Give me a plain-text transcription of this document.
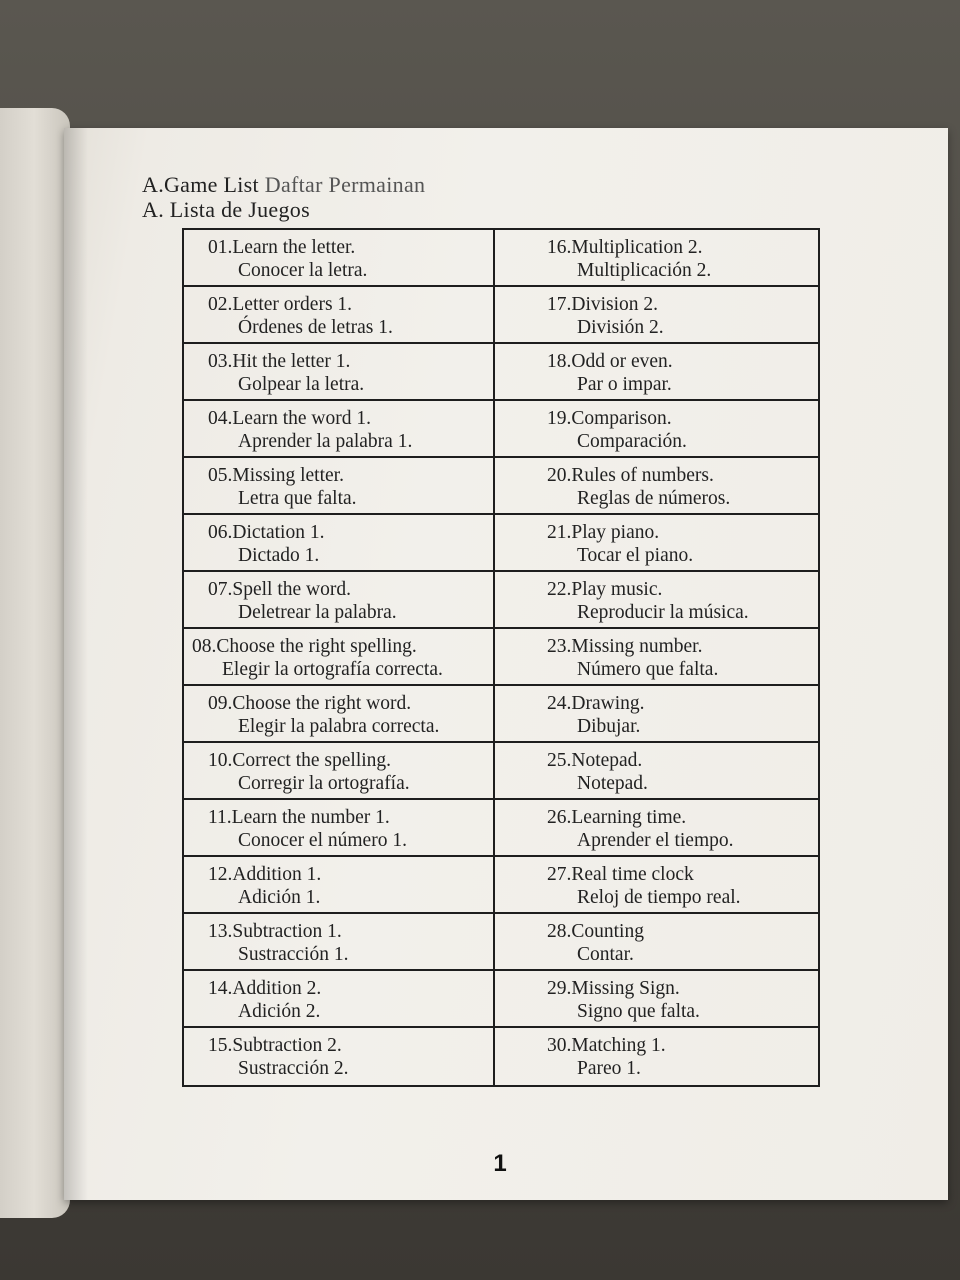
A.Game List Daftar Permainan
A. Lista de Juegos
01.Learn the letter.
Conocer la letra.
16.Multiplication 2.
Multiplicación 2.
02.Letter orders 1.
Órdenes de letras 1.
17.Division 2.
División 2.
03.Hit the letter 1.
Golpear la letra.
18.Odd or even.
Par o impar.
04.Learn the word 1.
Aprender la palabra 1.
19.Comparison.
Comparación.
05.Missing letter.
Letra que falta.
20.Rules of numbers.
Reglas de números.
06.Dictation 1.
Dictado 1.
21.Play piano.
Tocar el piano.
07.Spell the word.
Deletrear la palabra.
22.Play music.
Reproducir la música.
08.Choose the right spelling.
Elegir la ortografía correcta.
23.Missing number.
Número que falta.
09.Choose the right word.
Elegir la palabra correcta.
24.Drawing.
Dibujar.
10.Correct the spelling.
Corregir la ortografía.
25.Notepad.
Notepad.
11.Learn the number 1.
Conocer el número 1.
26.Learning time.
Aprender el tiempo.
12.Addition 1.
Adición 1.
27.Real time clock
Reloj de tiempo real.
13.Subtraction 1.
Sustracción 1.
28.Counting
Contar.
14.Addition 2.
Adición 2.
29.Missing Sign.
Signo que falta.
15.Subtraction 2.
Sustracción 2.
30.Matching 1.
Pareo 1.
1
